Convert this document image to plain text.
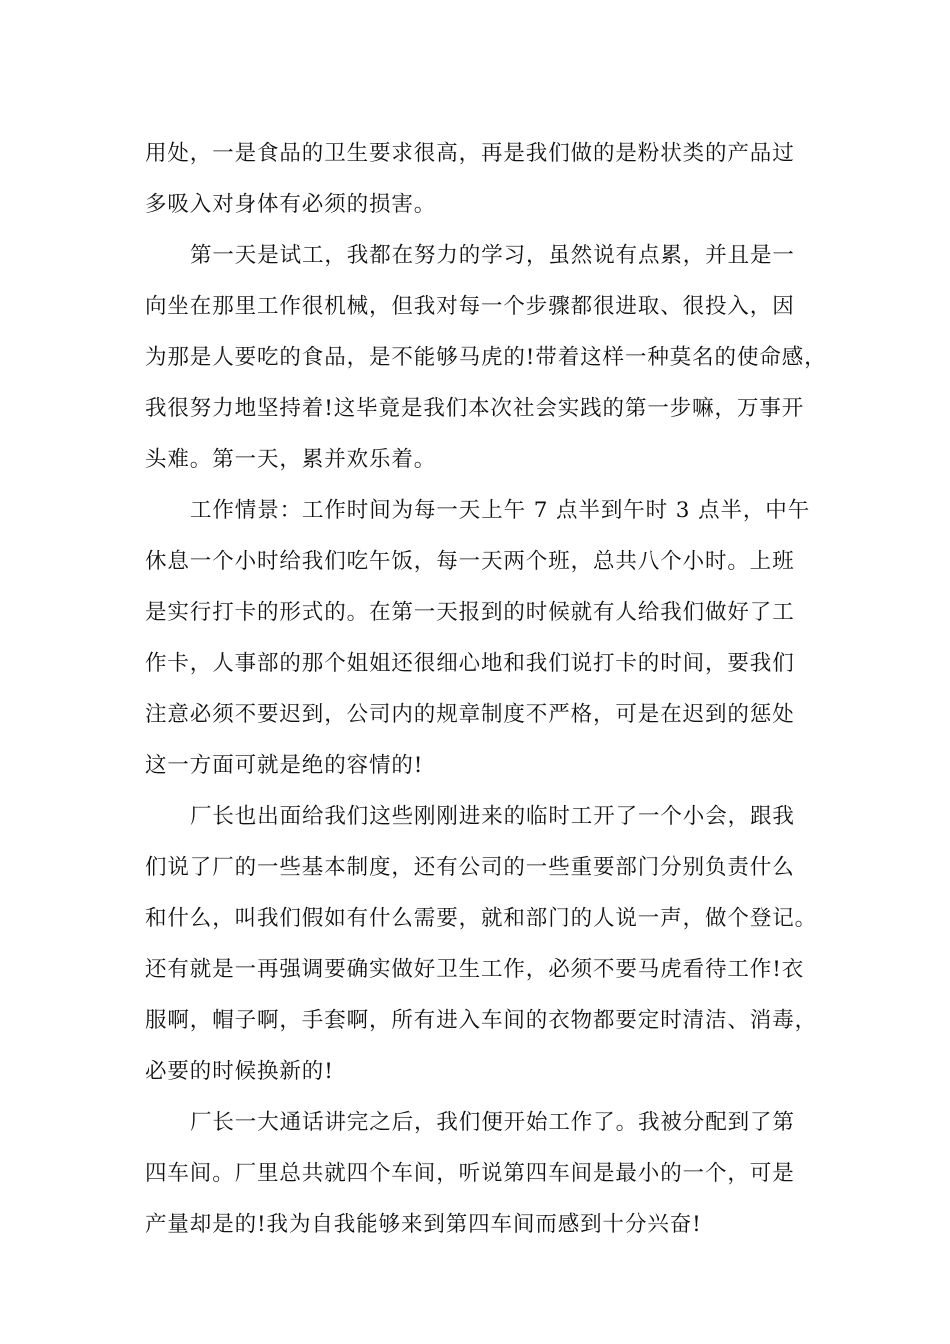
用处，一是食品的卫生要求很高，再是我们做的是粉状类的产品过
多吸入对身体有必须的损害。
第一天是试工，我都在努力的学习，虽然说有点累，并且是一
向坐在那里工作很机械，但我对每一个步骤都很进取、很投入，因
为那是人要吃的食品，是不能够马虎的!带着这样一种莫名的使命感，
我很努力地坚持着!这毕竟是我们本次社会实践的第一步嘛，万事开
头难。第一天，累并欢乐着。
工作情景：工作时间为每一天上午 7 点半到午时 3 点半，中午
休息一个小时给我们吃午饭，每一天两个班，总共八个小时。上班
是实行打卡的形式的。在第一天报到的时候就有人给我们做好了工
作卡，人事部的那个姐姐还很细心地和我们说打卡的时间，要我们
注意必须不要迟到，公司内的规章制度不严格，可是在迟到的惩处
这一方面可就是绝的容情的!
厂长也出面给我们这些刚刚进来的临时工开了一个小会，跟我
们说了厂的一些基本制度，还有公司的一些重要部门分别负责什么
和什么，叫我们假如有什么需要，就和部门的人说一声，做个登记。
还有就是一再强调要确实做好卫生工作，必须不要马虎看待工作!衣
服啊，帽子啊，手套啊，所有进入车间的衣物都要定时清洁、消毒，
必要的时候换新的!
厂长一大通话讲完之后，我们便开始工作了。我被分配到了第
四车间。厂里总共就四个车间，听说第四车间是最小的一个，可是
产量却是的!我为自我能够来到第四车间而感到十分兴奋!
